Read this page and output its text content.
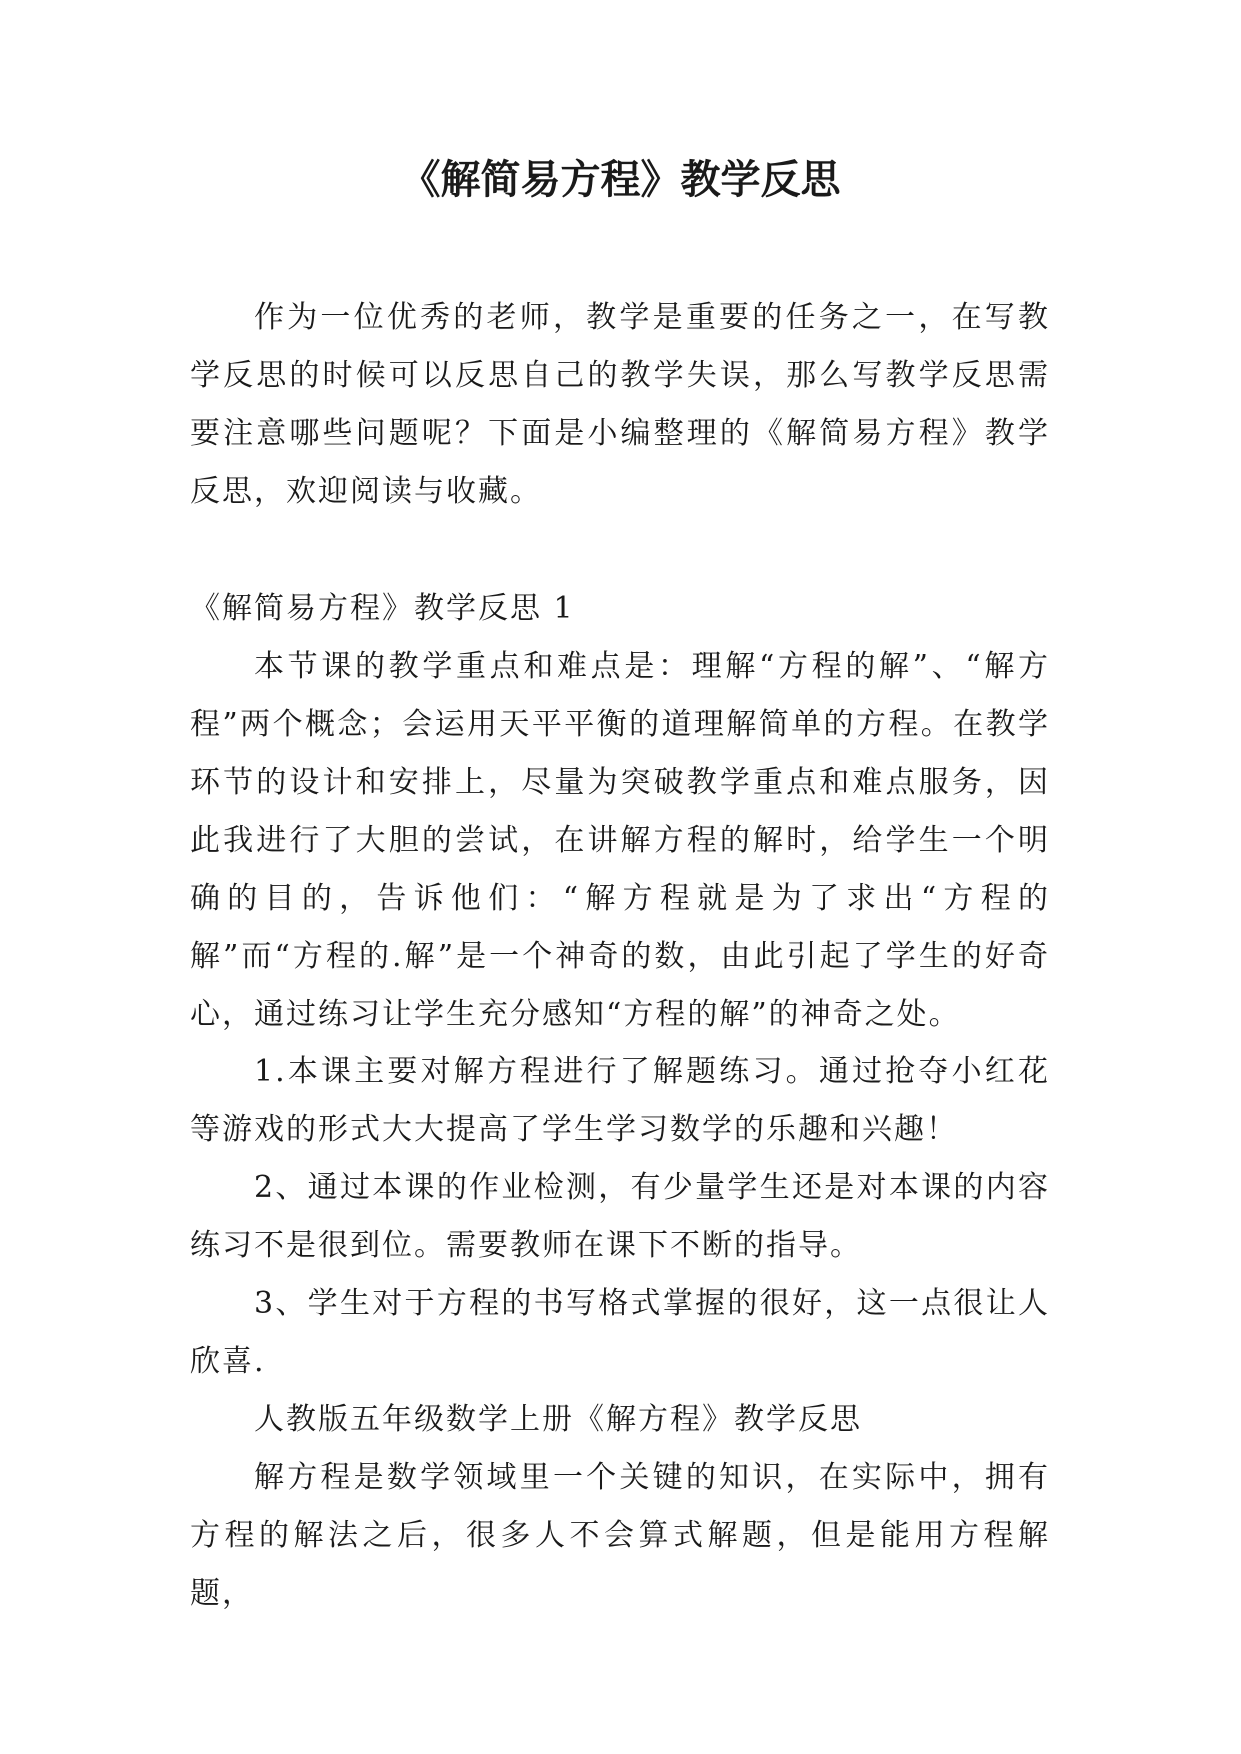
《解简易方程》教学反思

作为一位优秀的老师，教学是重要的任务之一，在写教学反思的时候可以反思自己的教学失误，那么写教学反思需要注意哪些问题呢？下面是小编整理的《解简易方程》教学反思，欢迎阅读与收藏。

《解简易方程》教学反思 1

本节课的教学重点和难点是：理解“方程的解”、“解方程”两个概念；会运用天平平衡的道理解简单的方程。在教学环节的设计和安排上，尽量为突破教学重点和难点服务，因此我进行了大胆的尝试，在讲解方程的解时，给学生一个明确的目的，告诉他们：“解方程就是为了求出“方程的解”而“方程的.解”是一个神奇的数，由此引起了学生的好奇心，通过练习让学生充分感知“方程的解”的神奇之处。

1.本课主要对解方程进行了解题练习。通过抢夺小红花等游戏的形式大大提高了学生学习数学的乐趣和兴趣！

2、通过本课的作业检测，有少量学生还是对本课的内容练习不是很到位。需要教师在课下不断的指导。

3、学生对于方程的书写格式掌握的很好，这一点很让人欣喜.

人教版五年级数学上册《解方程》教学反思

解方程是数学领域里一个关键的知识，在实际中，拥有方程的解法之后，很多人不会算式解题，但是能用方程解题，
